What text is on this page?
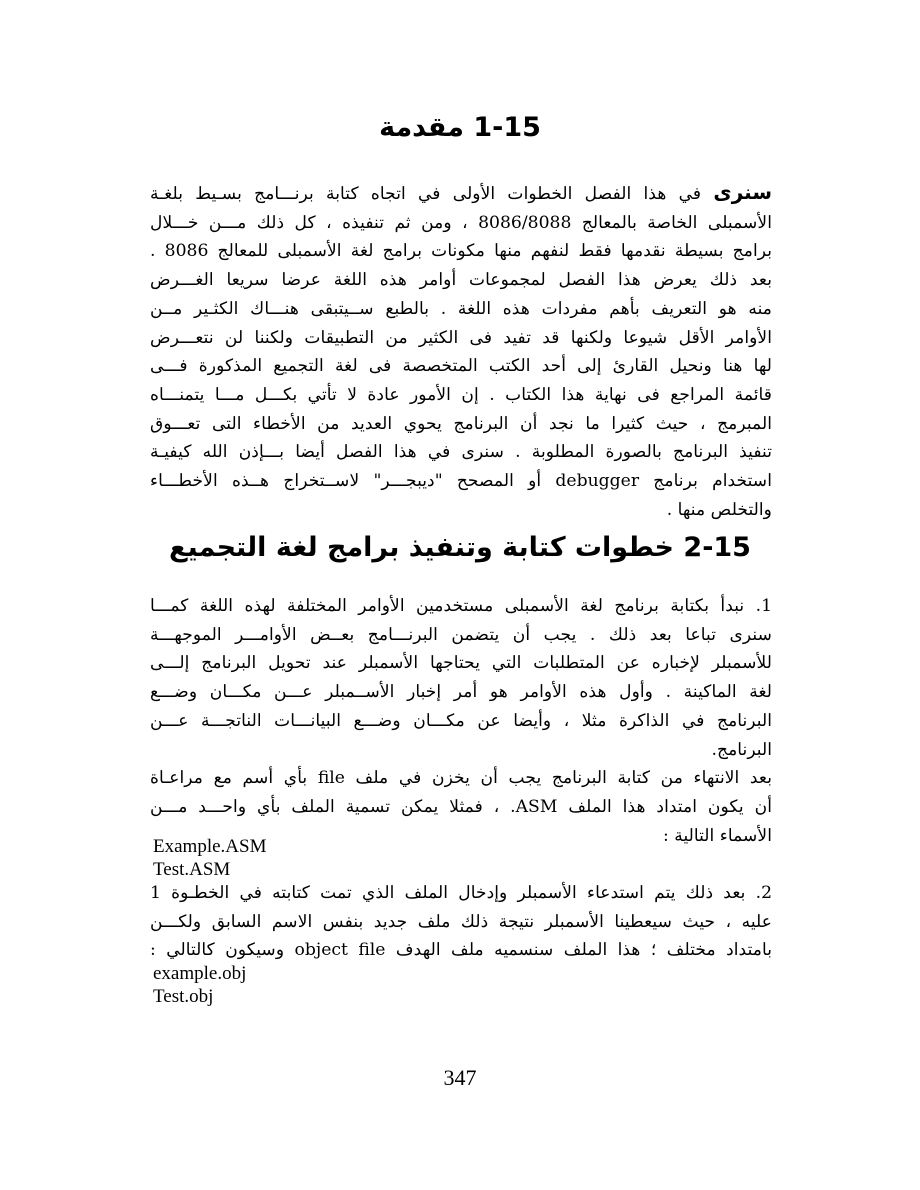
1-15 مقدمة
سنرى في هذا الفصل الخطوات الأولى في اتجاه كتابة برنـــامج بسـيط بلغـة
الأسمبلى الخاصة بالمعالج 8086/8088 ، ومن ثم تنفيذه ، كل ذلك مـــن خـــلال
برامج بسيطة نقدمها فقط لنفهم منها مكونات برامج لغة الأسمبلى للمعالج 8086 .
بعد ذلك يعرض هذا الفصل لمجموعات أوامر هذه اللغة عرضا سريعا الغـــرض
منه هو التعريف بأهم مفردات هذه اللغة . بالطبع ســيتبقى هنـــاك الكثـير مــن
الأوامر الأقل شيوعا ولكنها قد تفيد فى الكثير من التطبيقات ولكننا لن نتعـــرض
لها هنا ونحيل القارئ إلى أحد الكتب المتخصصة فى لغة التجميع المذكورة فـــى
قائمة المراجع فى نهاية هذا الكتاب . إن الأمور عادة لا تأتي بكـــل مـــا يتمنـــاه
المبرمج ، حيث كثيرا ما نجد أن البرنامج يحوي العديد من الأخطاء التى تعـــوق
تنفيذ البرنامج بالصورة المطلوبة . سنرى في هذا الفصل أيضا بـــإذن الله كيفيـة
استخدام برنامج debugger أو المصحح "ديبجـــر" لاســتخراج هــذه الأخطـــاء
والتخلص منها .
2-15 خطوات كتابة وتنفيذ برامج لغة التجميع
1. نبدأ بكتابة برنامج لغة الأسمبلى مستخدمين الأوامر المختلفة لهذه اللغة كمـــا
سنرى تباعا بعد ذلك . يجب أن يتضمن البرنـــامج بعــض الأوامـــر الموجهـــة
للأسمبلر لإخباره عن المتطلبات التي يحتاجها الأسمبلر عند تحويل البرنامج إلـــى
لغة الماكينة . وأول هذه الأوامر هو أمر إخبار الأســمبلر عـــن مكـــان وضـــع
البرنامج في الذاكرة مثلا ، وأيضا عن مكـــان وضـــع البيانـــات الناتجـــة عـــن
البرنامج.
بعد الانتهاء من كتابة البرنامج يجب أن يخزن في ملف file بأي أسم مع مراعـاة
أن يكون امتداد هذا الملف ASM. ، فمثلا يمكن تسمية الملف بأي واحـــد مـــن
الأسماء التالية :
Example.ASM
Test.ASM
2. بعد ذلك يتم استدعاء الأسمبلر وإدخال الملف الذي تمت كتابته في الخطـوة 1
عليه ، حيث سيعطينا الأسمبلر نتيجة ذلك ملف جديد بنفس الاسم السابق ولكـــن
بامتداد مختلف ؛ هذا الملف سنسميه ملف الهدف object file وسيكون كالتالي :
example.obj
Test.obj
347
